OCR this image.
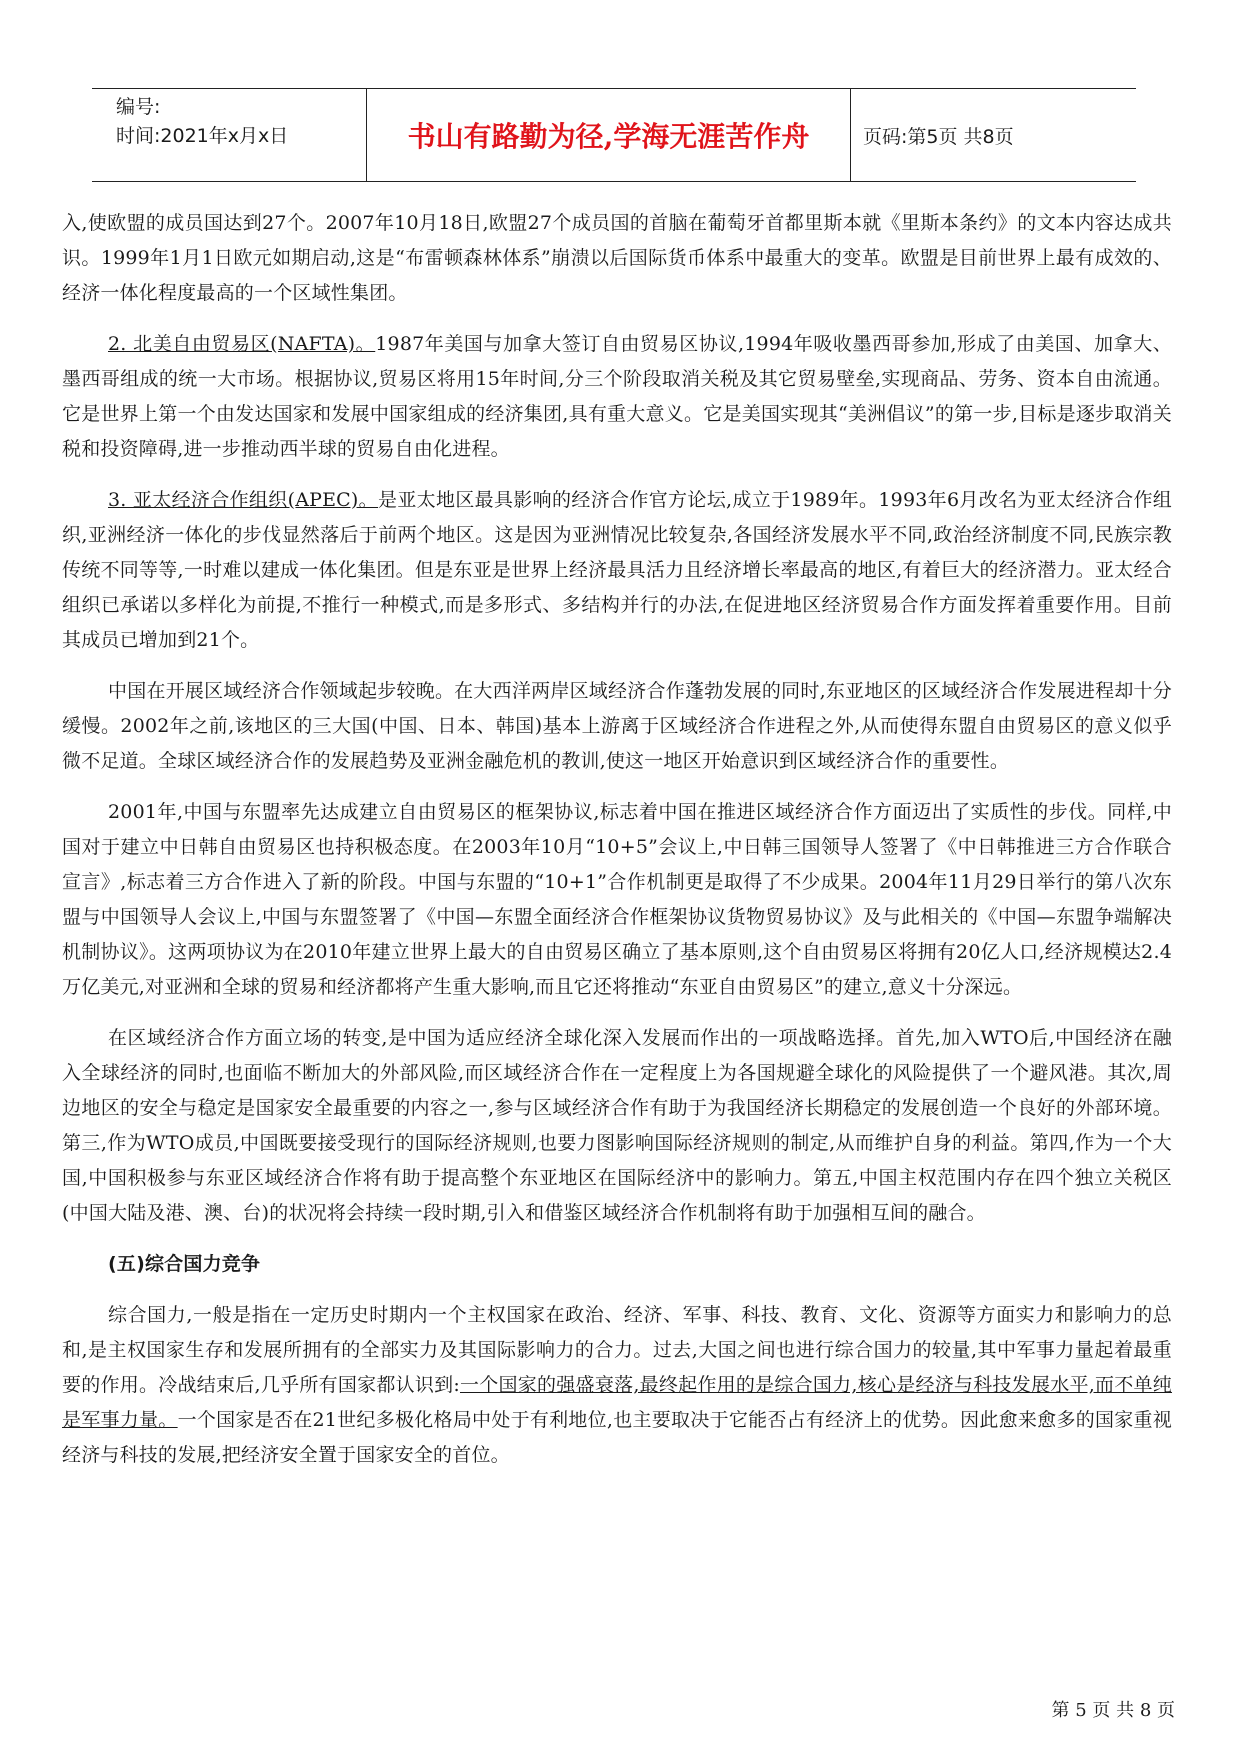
编号:
时间:2021年x月x日	书山有路勤为径,学海无涯苦作舟	页码:第5页 共8页

入,使欧盟的成员国达到27个。2007年10月18日,欧盟27个成员国的首脑在葡萄牙首都里斯本就《里斯本条约》的文本内容达成共识。1999年1月1日欧元如期启动,这是“布雷顿森林体系”崩溃以后国际货币体系中最重大的变革。欧盟是目前世界上最有成效的、经济一体化程度最高的一个区域性集团。

2. 北美自由贸易区(NAFTA)。1987年美国与加拿大签订自由贸易区协议,1994年吸收墨西哥参加,形成了由美国、加拿大、墨西哥组成的统一大市场。根据协议,贸易区将用15年时间,分三个阶段取消关税及其它贸易壁垒,实现商品、劳务、资本自由流通。它是世界上第一个由发达国家和发展中国家组成的经济集团,具有重大意义。它是美国实现其“美洲倡议”的第一步,目标是逐步取消关税和投资障碍,进一步推动西半球的贸易自由化进程。

3. 亚太经济合作组织(APEC)。是亚太地区最具影响的经济合作官方论坛,成立于1989年。1993年6月改名为亚太经济合作组织,亚洲经济一体化的步伐显然落后于前两个地区。这是因为亚洲情况比较复杂,各国经济发展水平不同,政治经济制度不同,民族宗教传统不同等等,一时难以建成一体化集团。但是东亚是世界上经济最具活力且经济增长率最高的地区,有着巨大的经济潜力。亚太经合组织已承诺以多样化为前提,不推行一种模式,而是多形式、多结构并行的办法,在促进地区经济贸易合作方面发挥着重要作用。目前其成员已增加到21个。

中国在开展区域经济合作领域起步较晚。在大西洋两岸区域经济合作蓬勃发展的同时,东亚地区的区域经济合作发展进程却十分缓慢。2002年之前,该地区的三大国(中国、日本、韩国)基本上游离于区域经济合作进程之外,从而使得东盟自由贸易区的意义似乎微不足道。全球区域经济合作的发展趋势及亚洲金融危机的教训,使这一地区开始意识到区域经济合作的重要性。

2001年,中国与东盟率先达成建立自由贸易区的框架协议,标志着中国在推进区域经济合作方面迈出了实质性的步伐。同样,中国对于建立中日韩自由贸易区也持积极态度。在2003年10月“10+5”会议上,中日韩三国领导人签署了《中日韩推进三方合作联合宣言》,标志着三方合作进入了新的阶段。中国与东盟的“10+1”合作机制更是取得了不少成果。2004年11月29日举行的第八次东盟与中国领导人会议上,中国与东盟签署了《中国—东盟全面经济合作框架协议货物贸易协议》及与此相关的《中国—东盟争端解决机制协议》。这两项协议为在2010年建立世界上最大的自由贸易区确立了基本原则,这个自由贸易区将拥有20亿人口,经济规模达2.4万亿美元,对亚洲和全球的贸易和经济都将产生重大影响,而且它还将推动“东亚自由贸易区”的建立,意义十分深远。

在区域经济合作方面立场的转变,是中国为适应经济全球化深入发展而作出的一项战略选择。首先,加入WTO后,中国经济在融入全球经济的同时,也面临不断加大的外部风险,而区域经济合作在一定程度上为各国规避全球化的风险提供了一个避风港。其次,周边地区的安全与稳定是国家安全最重要的内容之一,参与区域经济合作有助于为我国经济长期稳定的发展创造一个良好的外部环境。第三,作为WTO成员,中国既要接受现行的国际经济规则,也要力图影响国际经济规则的制定,从而维护自身的利益。第四,作为一个大国,中国积极参与东亚区域经济合作将有助于提高整个东亚地区在国际经济中的影响力。第五,中国主权范围内存在四个独立关税区(中国大陆及港、澳、台)的状况将会持续一段时期,引入和借鉴区域经济合作机制将有助于加强相互间的融合。

(五)综合国力竞争

综合国力,一般是指在一定历史时期内一个主权国家在政治、经济、军事、科技、教育、文化、资源等方面实力和影响力的总和,是主权国家生存和发展所拥有的全部实力及其国际影响力的合力。过去,大国之间也进行综合国力的较量,其中军事力量起着最重要的作用。冷战结束后,几乎所有国家都认识到:一个国家的强盛衰落,最终起作用的是综合国力,核心是经济与科技发展水平,而不单纯是军事力量。一个国家是否在21世纪多极化格局中处于有利地位,也主要取决于它能否占有经济上的优势。因此愈来愈多的国家重视经济与科技的发展,把经济安全置于国家安全的首位。

第 5 页 共 8 页
